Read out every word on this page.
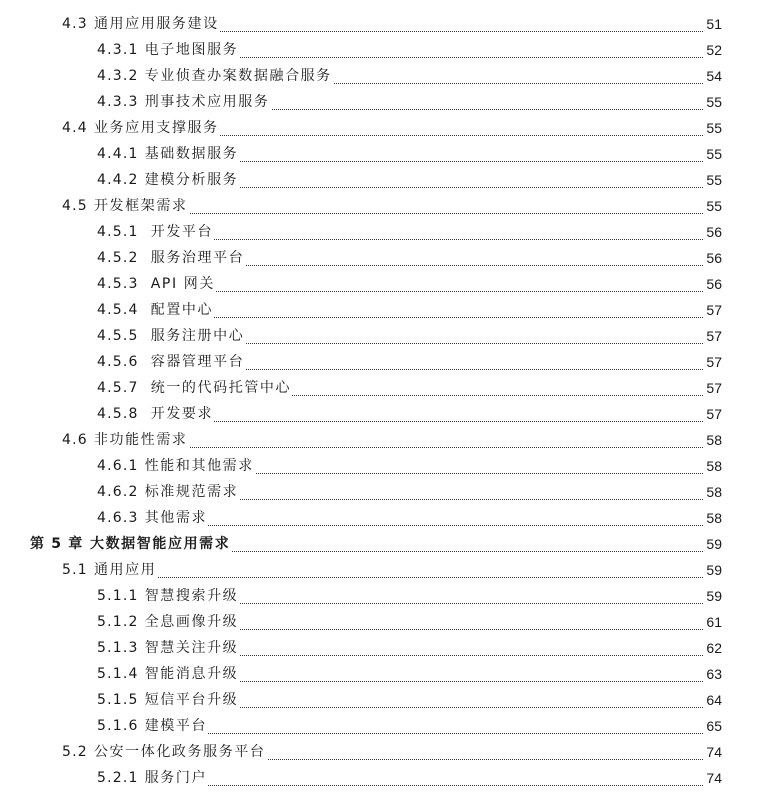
4.3 通用应用服务建设	51
4.3.1 电子地图服务	52
4.3.2 专业侦查办案数据融合服务	54
4.3.3 刑事技术应用服务	55
4.4 业务应用支撑服务	55
4.4.1 基础数据服务	55
4.4.2 建模分析服务	55
4.5 开发框架需求	55
4.5.1 开发平台	56
4.5.2 服务治理平台	56
4.5.3 API 网关	56
4.5.4 配置中心	57
4.5.5 服务注册中心	57
4.5.6 容器管理平台	57
4.5.7 统一的代码托管中心	57
4.5.8 开发要求	57
4.6 非功能性需求	58
4.6.1 性能和其他需求	58
4.6.2 标准规范需求	58
4.6.3 其他需求	58
第 5 章 大数据智能应用需求	59
5.1 通用应用	59
5.1.1 智慧搜索升级	59
5.1.2 全息画像升级	61
5.1.3 智慧关注升级	62
5.1.4 智能消息升级	63
5.1.5 短信平台升级	64
5.1.6 建模平台	65
5.2 公安一体化政务服务平台	74
5.2.1 服务门户	74
